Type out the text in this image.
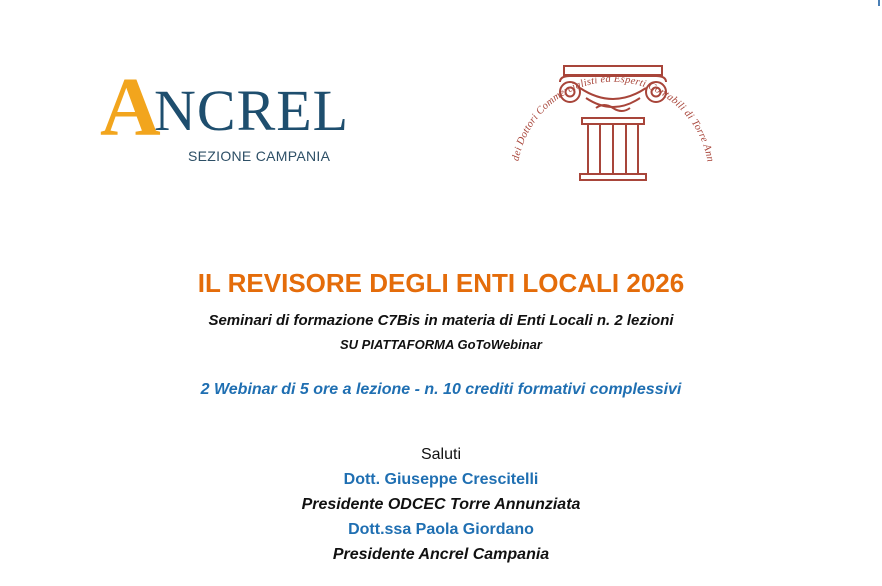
A
NCREL
SEZIONE CAMPANIA	dei Dottori Commercialisti ed Esperti Contabili di Torre Ann
IL REVISORE DEGLI ENTI LOCALI 2026
Seminari di formazione C7Bis in materia di Enti Locali n. 2 lezioni
SU PIATTAFORMA GoToWebinar
2 Webinar di 5 ore a lezione - n. 10 crediti formativi complessivi
Saluti
Dott. Giuseppe Crescitelli
Presidente ODCEC Torre Annunziata
Dott.ssa Paola Giordano
Presidente Ancrel Campania
